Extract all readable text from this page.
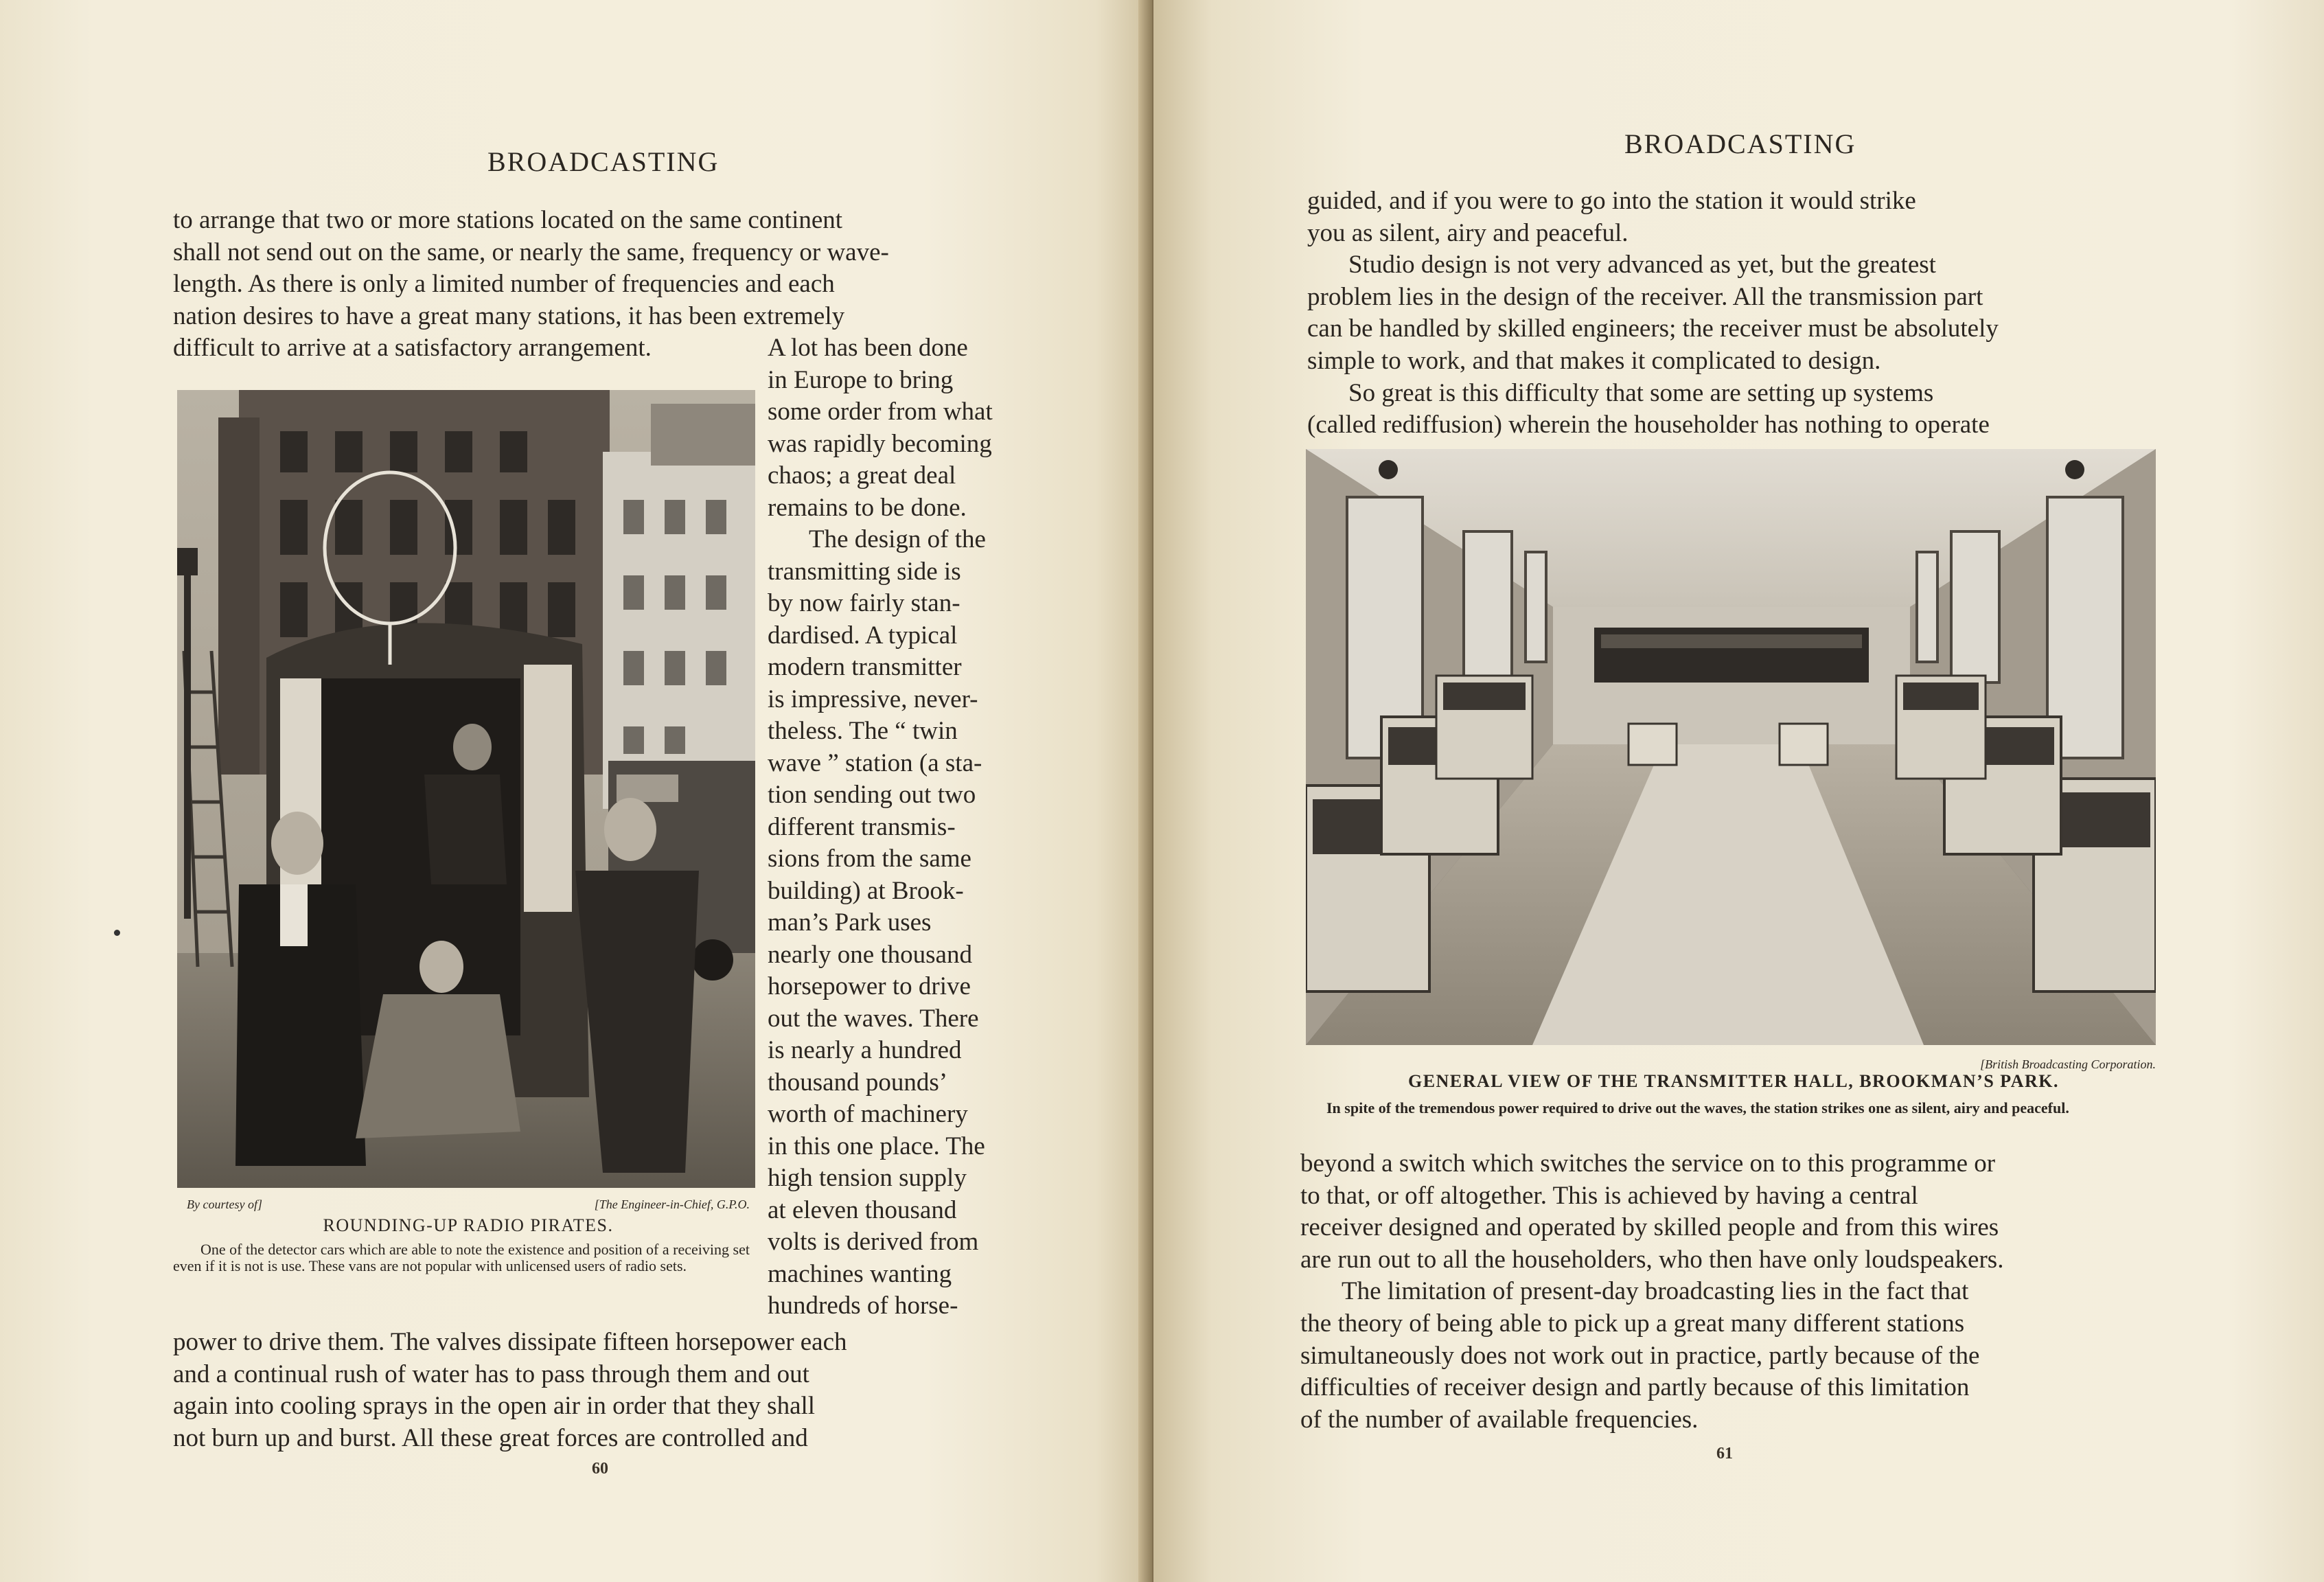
BROADCASTING

to arrange that two or more stations located on the same continent

shall not send out on the same, or nearly the same, frequency or wave-

length. As there is only a limited number of frequencies and each

nation desires to have a great many stations, it has been extremely

difficult to arrive at a satisfactory arrangement.

By courtesy of]	[The Engineer-in-Chief, G.P.O.
ROUNDING-UP RADIO PIRATES.

One of the detector cars which are able to note the existence and position of a receiving set even if it is not is use. These vans are not popular with unlicensed users of radio sets.

A lot has been done

in Europe to bring

some order from what

was rapidly becoming

chaos; a great deal

remains to be done.

The design of the

transmitting side is

by now fairly stan-

dardised. A typical

modern transmitter

is impressive, never-

theless. The “ twin

wave ” station (a sta-

tion sending out two

different transmis-

sions from the same

building) at Brook-

man’s Park uses

nearly one thousand

horsepower to drive

out the waves. There

is nearly a hundred

thousand pounds’

worth of machinery

in this one place. The

high tension supply

at eleven thousand

volts is derived from

machines wanting

hundreds of horse-

power to drive them. The valves dissipate fifteen horsepower each

and a continual rush of water has to pass through them and out

again into cooling sprays in the open air in order that they shall

not burn up and burst. All these great forces are controlled and

60
BROADCASTING

guided, and if you were to go into the station it would strike

you as silent, airy and peaceful.

Studio design is not very advanced as yet, but the greatest

problem lies in the design of the receiver. All the transmission part

can be handled by skilled engineers; the receiver must be absolutely

simple to work, and that makes it complicated to design.

So great is this difficulty that some are setting up systems

(called rediffusion) wherein the householder has nothing to operate

[British Broadcasting Corporation.
GENERAL VIEW OF THE TRANSMITTER HALL, BROOKMAN’S PARK.

In spite of the tremendous power required to drive out the waves, the station strikes one as silent, airy and peaceful.

beyond a switch which switches the service on to this programme or

to that, or off altogether. This is achieved by having a central

receiver designed and operated by skilled people and from this wires

are run out to all the householders, who then have only loudspeakers.

The limitation of present-day broadcasting lies in the fact that

the theory of being able to pick up a great many different stations

simultaneously does not work out in practice, partly because of the

difficulties of receiver design and partly because of this limitation

of the number of available frequencies.

61
